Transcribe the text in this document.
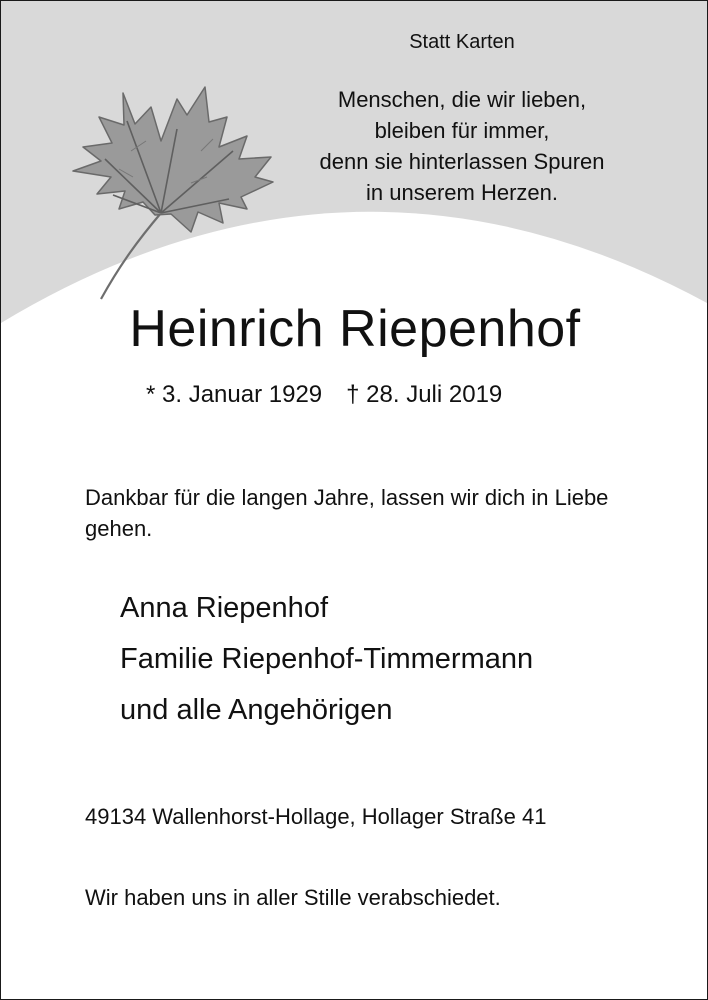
Statt Karten

Menschen, die wir lieben,
bleiben für immer,
denn sie hinterlassen Spuren
in unserem Herzen.
Heinrich Riepenhof

* 3. Januar 1929 † 28. Juli 2019

Dankbar für die langen Jahre, lassen wir dich in Liebe gehen.

Anna Riepenhof
Familie Riepenhof-Timmermann
und alle Angehörigen

49134 Wallenhorst-Hollage, Hollager Straße 41

Wir haben uns in aller Stille verabschiedet.
